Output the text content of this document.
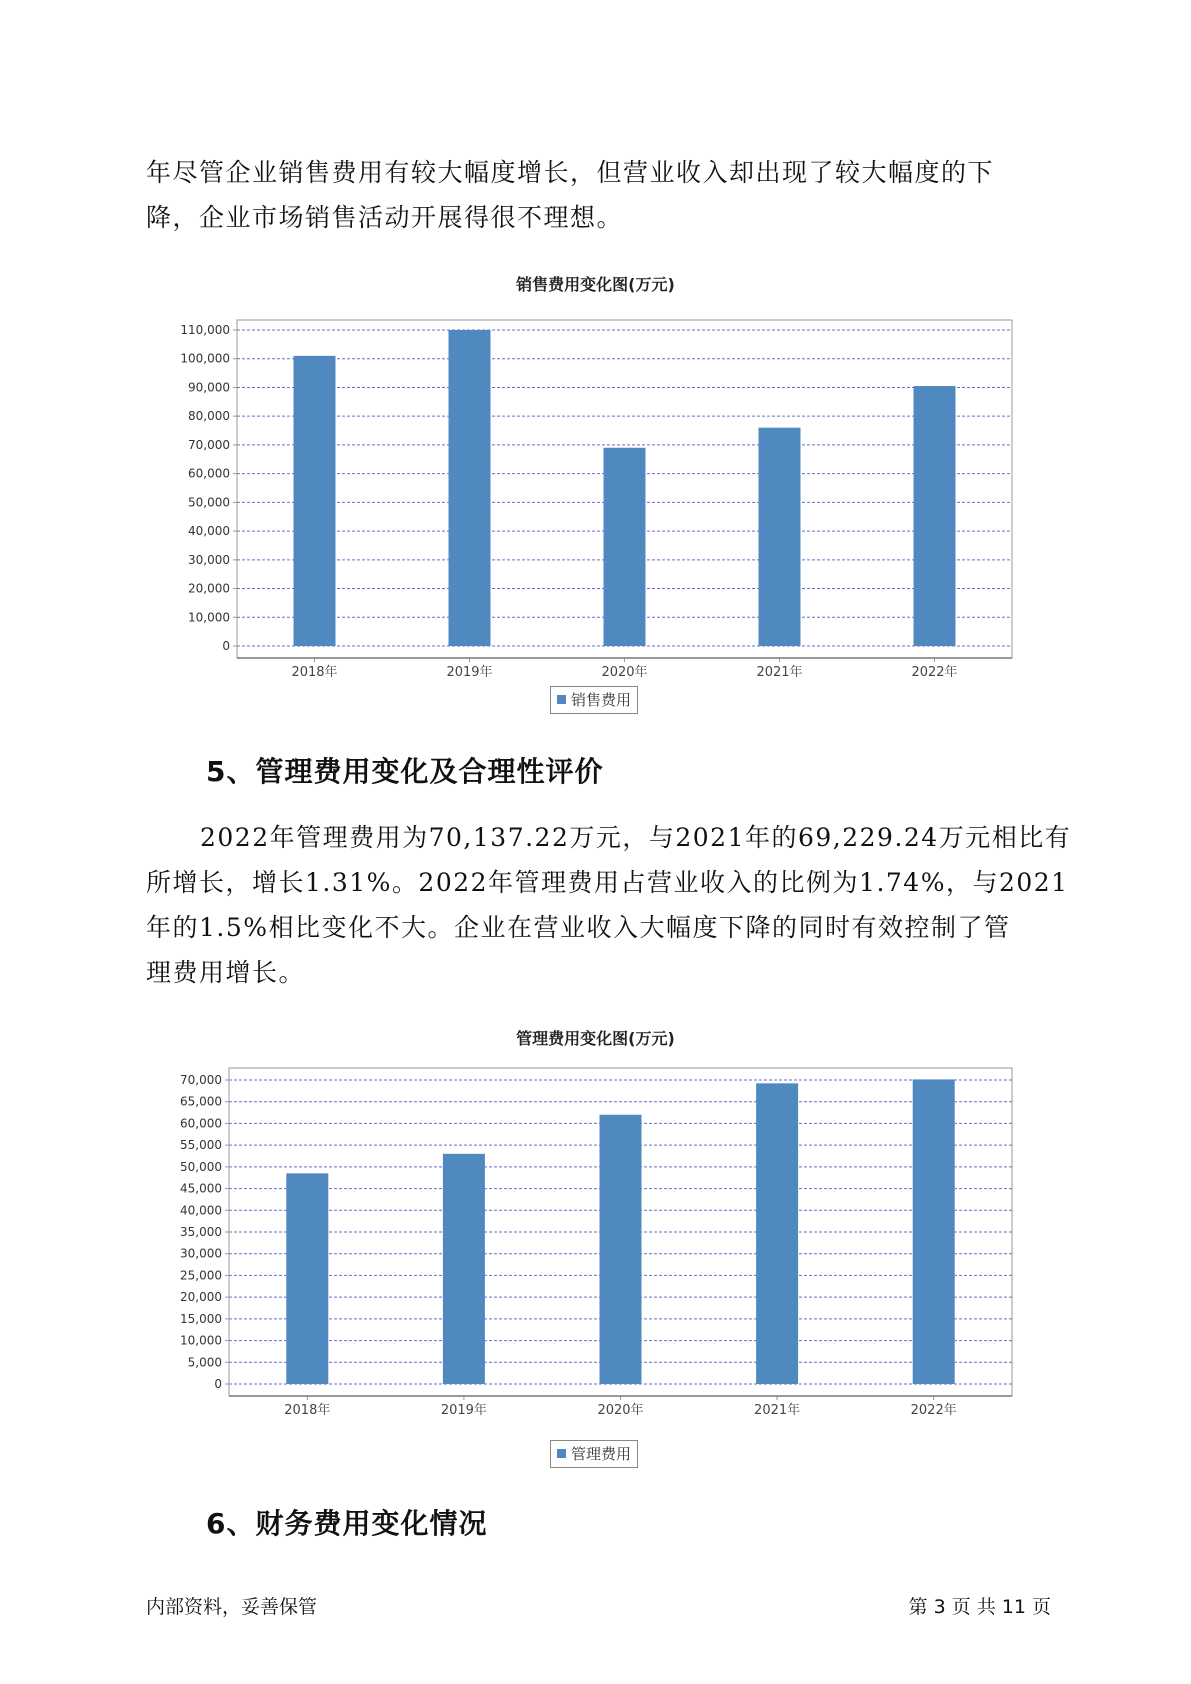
年尽管企业销售费用有较大幅度增长，但营业收入却出现了较大幅度的下
降，企业市场销售活动开展得很不理想。
销售费用变化图(万元)
0
10,000
20,000
30,000
40,000
50,000
60,000
70,000
80,000
90,000
100,000
110,000
2018年	2019年	2020年	2021年	2022年
销售费用
5、管理费用变化及合理性评价
2022年管理费用为70,137.22万元，与2021年的69,229.24万元相比有
所增长，增长1.31%。2022年管理费用占营业收入的比例为1.74%，与2021
年的1.5%相比变化不大。企业在营业收入大幅度下降的同时有效控制了管
理费用增长。
管理费用变化图(万元)
0
5,000
10,000
15,000
20,000
25,000
30,000
35,000
40,000
45,000
50,000
55,000
60,000
65,000
70,000
2018年	2019年	2020年	2021年	2022年
管理费用
6、财务费用变化情况
内部资料，妥善保管	第 3 页 共 11 页
